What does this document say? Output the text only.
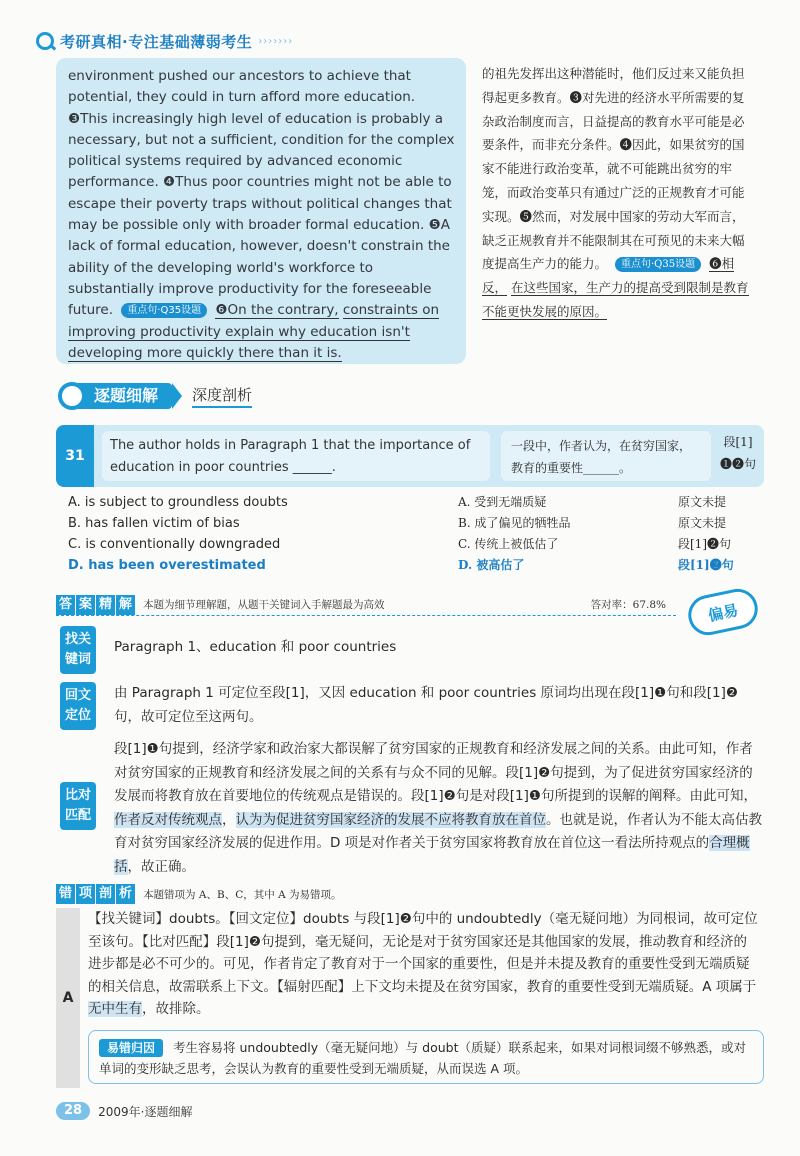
考研真相·专注基础薄弱考生 ›››››››

environment pushed our ancestors to achieve that potential, they could in turn afford more education. ❸This increasingly high level of education is probably a necessary, but not a sufficient, condition for the complex political systems required by advanced economic performance. ❹Thus poor countries might not be able to escape their poverty traps without political changes that may be possible only with broader formal education. ❺A lack of formal education, however, doesn't constrain the ability of the developing world's workforce to substantially improve productivity for the foreseeable future. 重点句·Q35设题 ❻On the contrary, constraints on improving productivity explain why education isn't developing more quickly there than it is.

的祖先发挥出这种潜能时，他们反过来又能负担得起更多教育。❸对先进的经济水平所需要的复杂政治制度而言，日益提高的教育水平可能是必要条件，而非充分条件。❹因此，如果贫穷的国家不能进行政治变革，就不可能跳出贫穷的牢笼，而政治变革只有通过广泛的正规教育才可能实现。❺然而，对发展中国家的劳动大军而言，缺乏正规教育并不能限制其在可预见的未来大幅度提高生产力的能力。 重点句·Q35设题 ❻相反， 在这些国家，生产力的提高受到限制是教育不能更快发展的原因。
逐题细解	深度剖析
31
The author holds in Paragraph 1 that the importance of education in poor countries ______.
一段中，作者认为，在贫穷国家，教育的重要性______。
段[1]
❶❷句
A. is subject to groundless doubts	A. 受到无端质疑	原文未提
B. has fallen victim of bias	B. 成了偏见的牺牲品	原文未提
C. is conventionally downgraded	C. 传统上被低估了	段[1]❷句
D. has been overestimated	D. 被高估了	段[1]❷句
答 案 精 解 本题为细节理解题，从题干关键词入手解题最为高效	答对率：67.8%	偏易
找关键词
Paragraph 1、education 和 poor countries
回文定位
由 Paragraph 1 可定位至段[1]，又因 education 和 poor countries 原词均出现在段[1]❶句和段[1]❷句，故可定位至这两句。
比对匹配
段[1]❶句提到，经济学家和政治家大都误解了贫穷国家的正规教育和经济发展之间的关系。由此可知，作者对贫穷国家的正规教育和经济发展之间的关系有与众不同的见解。段[1]❷句提到，为了促进贫穷国家经济的发展而将教育放在首要地位的传统观点是错误的。段[1]❷句是对段[1]❶句所提到的误解的阐释。由此可知，作者反对传统观点，认为为促进贫穷国家经济的发展不应将教育放在首位。也就是说，作者认为不能太高估教育对贫穷国家经济发展的促进作用。D 项是对作者关于贫穷国家将教育放在首位这一看法所持观点的合理概括，故正确。
错 项 剖 析 本题错项为 A、B、C，其中 A 为易错项。
A
【找关键词】doubts。【回文定位】doubts 与段[1]❷句中的 undoubtedly（毫无疑问地）为同根词，故可定位至该句。【比对匹配】段[1]❷句提到，毫无疑问，无论是对于贫穷国家还是其他国家的发展，推动教育和经济的进步都是必不可少的。可见，作者肯定了教育对于一个国家的重要性，但是并未提及教育的重要性受到无端质疑的相关信息，故需联系上下文。【辐射匹配】上下文均未提及在贫穷国家，教育的重要性受到无端质疑。A 项属于无中生有，故排除。
易错归因 考生容易将 undoubtedly（毫无疑问地）与 doubt（质疑）联系起来，如果对词根词缀不够熟悉，或对单词的变形缺乏思考，会误认为教育的重要性受到无端质疑，从而误选 A 项。
28	2009年·逐题细解
